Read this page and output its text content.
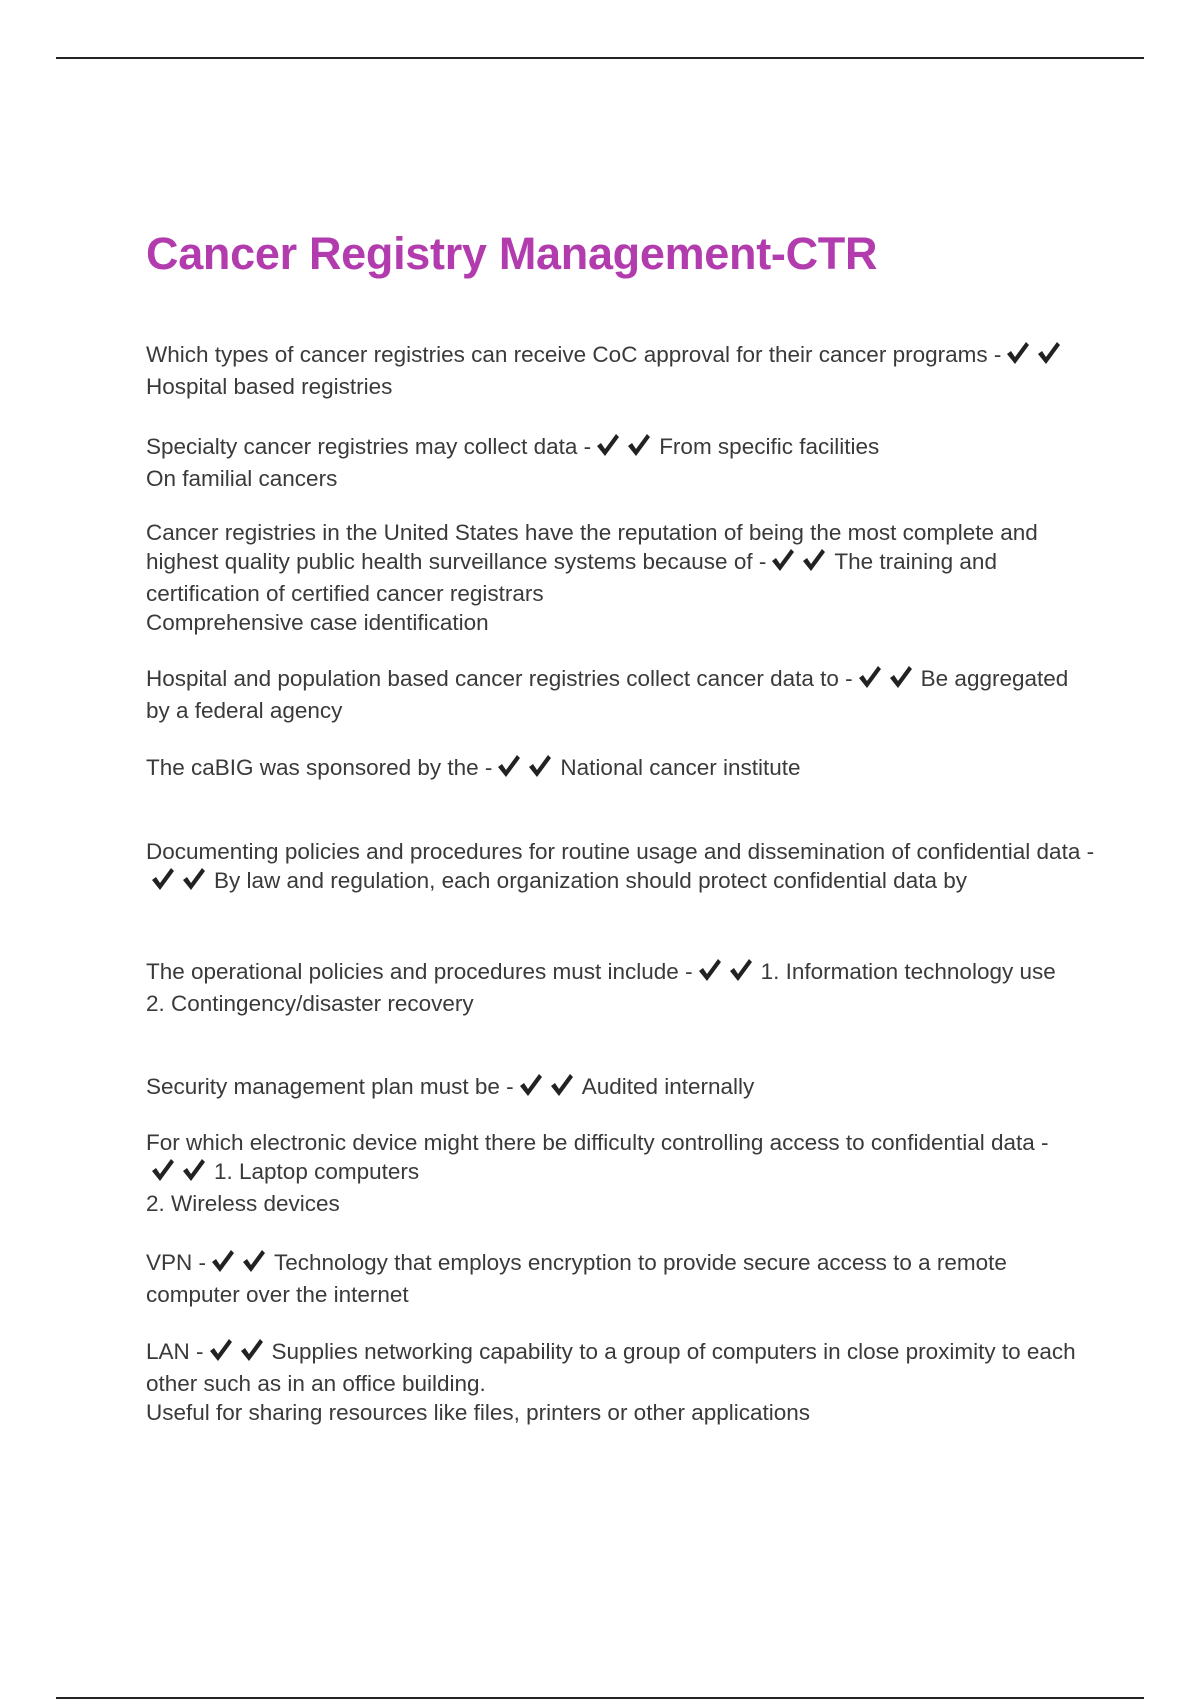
Cancer Registry Management-CTR
Which types of cancer registries can receive CoC approval for their cancer programs -Hospital based registries
Specialty cancer registries may collect data -	From specific facilities
On familial cancers
Cancer registries in the United States have the reputation of being the most complete and highest quality public health surveillance systems because of -	The training and certification of certified cancer registrars
Comprehensive case identification
Hospital and population based cancer registries collect cancer data to -	Be aggregated by a federal agency
The caBIG was sponsored by the -	National cancer institute
Documenting policies and procedures for routine usage and dissemination of confidential data -By law and regulation, each organization should protect confidential data by
The operational policies and procedures must include -	1. Information technology use
2. Contingency/disaster recovery
Security management plan must be -	Audited internally
For which electronic device might there be difficulty controlling access to confidential data -1. Laptop computers
2. Wireless devices
VPN -	Technology that employs encryption to provide secure access to a remote computer over the internet
LAN -	Supplies networking capability to a group of computers in close proximity to each other such as in an office building.
Useful for sharing resources like files, printers or other applications
